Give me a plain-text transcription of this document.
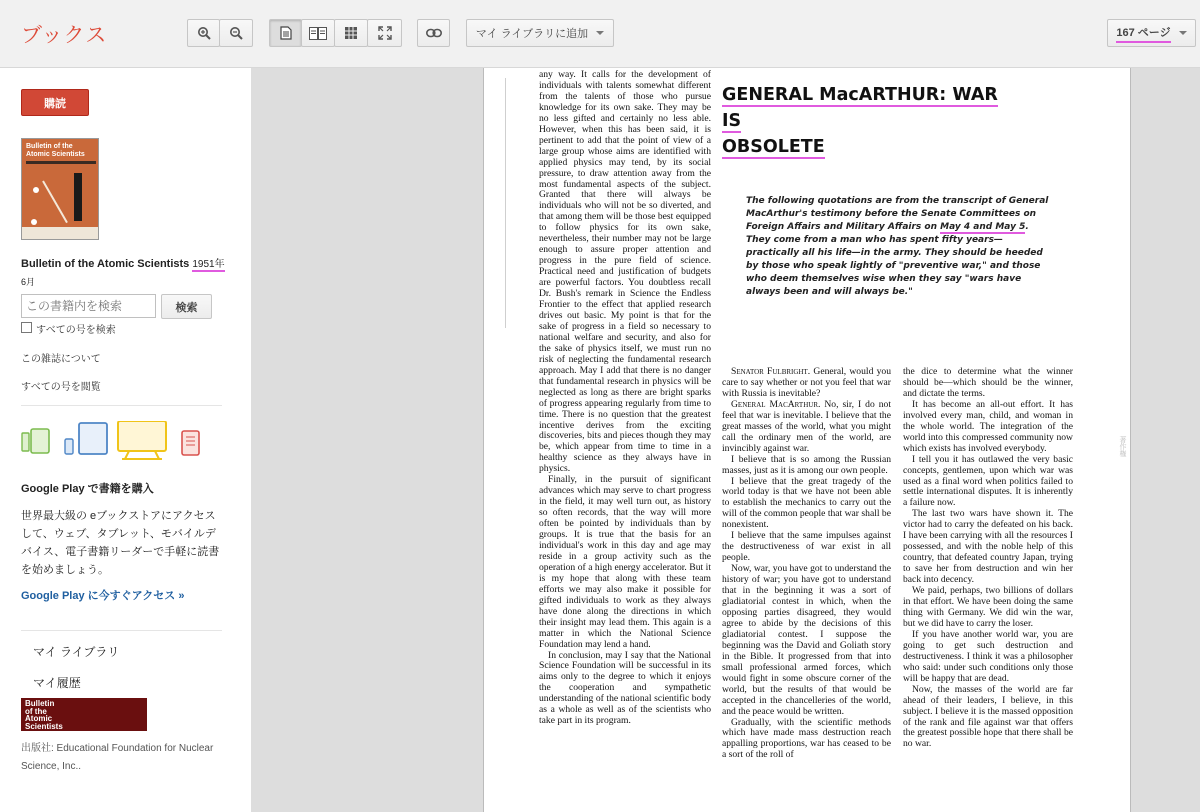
ブックス	マイ ライブラリに追加	167 ページ
購読
Bulletin of the
Atomic Scientists
Bulletin of the Atomic Scientists 1951年
6月
この書籍内を検索
検索
すべての号を検索
この雑誌について
すべての号を閲覧
Google Play で書籍を購入
世界最大級の eブックストアにアクセスして、ウェブ、タブレット、モバイルデバイス、電子書籍リーダーで手軽に読書を始めましょう。
Google Play に今すぐアクセス »
マイ ライブラリ
マイ履歴
Bulletin
of the
Atomic
Scientists
出版社: Educational Foundation for Nuclear Science, Inc..

any way. It calls for the development of individuals with talents somewhat different from the talents of those who pursue knowledge for its own sake. They may be no less gifted and certainly no less able. However, when this has been said, it is pertinent to add that the point of view of a large group whose aims are identified with applied physics may tend, by its social pressure, to draw attention away from the most fundamental aspects of the subject. Granted that there will always be individuals who will not be so diverted, and that among them will be those best equipped to follow physics for its own sake, nevertheless, their number may not be large enough to assure proper attention and progress in the pure field of science. Practical need and justification of budgets are powerful factors. You doubtless recall Dr. Bush's remark in Science the Endless Frontier to the effect that applied research drives out basic. My point is that for the sake of progress in a field so necessary to national welfare and security, and also for the sake of physics itself, we must run no risk of neglecting the fundamental research approach. May I add that there is no danger that fundamental research in physics will be neglected as long as there are bright sparks of progress appearing regularly from time to time. There is no question that the greatest incentive derives from the exciting discoveries, bits and pieces though they may be, which appear from time to time in a healthy science as they always have in physics.

Finally, in the pursuit of significant advances which may serve to chart progress in the field, it may well turn out, as history so often records, that the way will more often be pointed by individuals than by groups. It is true that the basis for an individual's work in this day and age may reside in a group activity such as the operation of a high energy accelerator. But it is my hope that along with these team efforts we may also make it possible for gifted individuals to work as they always have done along the directions in which their insight may lead them. This again is a matter in which the National Science Foundation may lend a hand.

In conclusion, may I say that the National Science Foundation will be successful in its aims only to the degree to which it enjoys the cooperation and sympathetic understanding of the national scientific body as a whole as well as of the scientists who take part in its program.

GENERAL MacARTHUR: WAR IS
OBSOLETE
The following quotations are from the transcript of General MacArthur's testimony before the Senate Committees on Foreign Affairs and Military Affairs on May 4 and May 5. They come from a man who has spent fifty years—practically all his life—in the army. They should be heeded by those who speak lightly of "preventive war," and those who deem themselves wise when they say "wars have always been and will always be."

Senator Fulbright. General, would you care to say whether or not you feel that war with Russia is inevitable?

General MacArthur. No, sir, I do not feel that war is inevitable. I believe that the great masses of the world, what you might call the ordinary men of the world, are invincibly against war.

I believe that is so among the Russian masses, just as it is among our own people.

I believe that the great tragedy of the world today is that we have not been able to establish the mechanics to carry out the will of the common people that war shall be nonexistent.

I believe that the same impulses against the destructiveness of war exist in all people.

Now, war, you have got to understand the history of war; you have got to understand that in the beginning it was a sort of gladiatorial contest in which, when the opposing parties disagreed, they would agree to abide by the decisions of this gladiatorial contest. I suppose the beginning was the David and Goliath story in the Bible. It progressed from that into small professional armed forces, which would fight in some obscure corner of the world, but the results of that would be accepted in the chancelleries of the world, and the peace would be written.

Gradually, with the scientific methods which have made mass destruction reach appalling proportions, war has ceased to be a sort of the roll of

the dice to determine what the winner should be—which should be the winner, and dictate the terms.

It has become an all-out effort. It has involved every man, child, and woman in the whole world. The integration of the world into this compressed community now which exists has involved everybody.

I tell you it has outlawed the very basic concepts, gentlemen, upon which war was used as a final word when politics failed to settle international disputes. It is inherently a failure now.

The last two wars have shown it. The victor had to carry the defeated on his back. I have been carrying with all the resources I possessed, and with the noble help of this country, that defeated country Japan, trying to save her from destruction and win her back into decency.

We paid, perhaps, two billions of dollars in that effort. We have been doing the same thing with Germany. We did win the war, but we did have to carry the loser.

If you have another world war, you are going to get such destruction and destructiveness. I think it was a philosopher who said: under such conditions only those will be happy that are dead.

Now, the masses of the world are far ahead of their leaders, I believe, in this subject. I believe it is the massed opposition of the rank and file against war that offers the greatest possible hope that there shall be no war.

著作権
